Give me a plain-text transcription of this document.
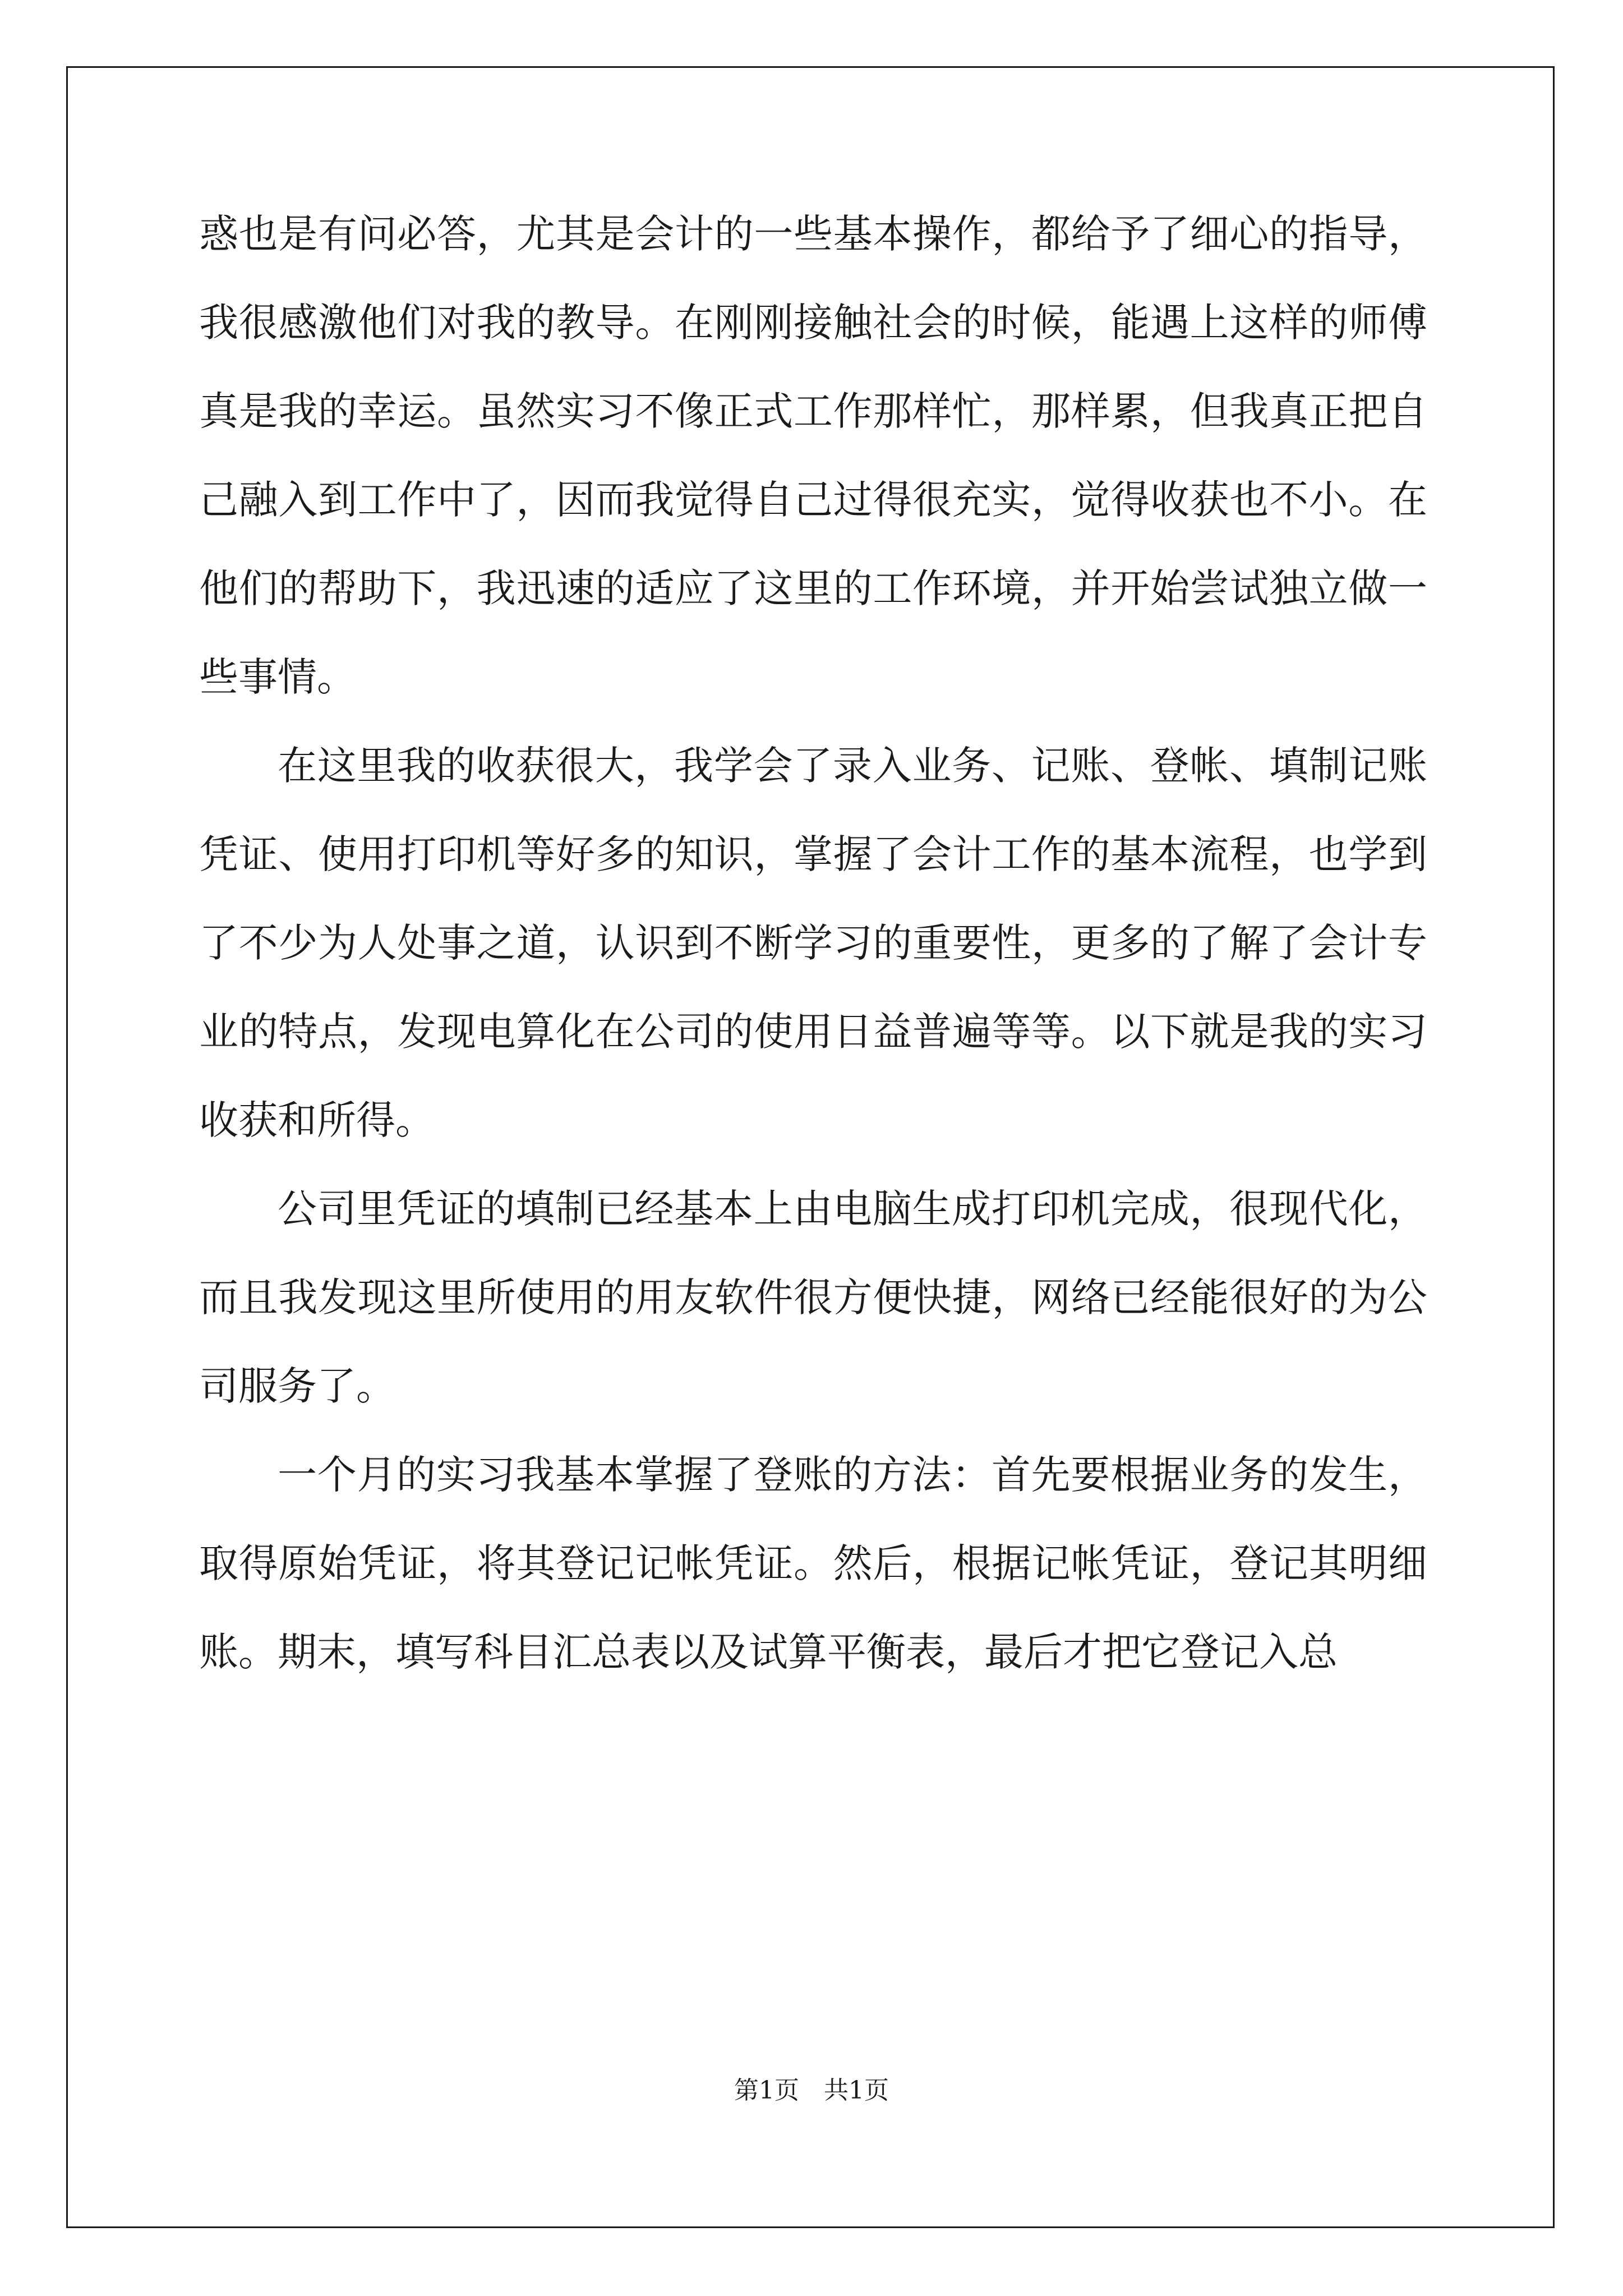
惑也是有问必答，尤其是会计的一些基本操作，都给予了细心的指导，我很感激他们对我的教导。在刚刚接触社会的时候，能遇上这样的师傅真是我的幸运。虽然实习不像正式工作那样忙，那样累，但我真正把自己融入到工作中了，因而我觉得自己过得很充实，觉得收获也不小。在他们的帮助下，我迅速的适应了这里的工作环境，并开始尝试独立做一些事情。

在这里我的收获很大，我学会了录入业务、记账、登帐、填制记账凭证、使用打印机等好多的知识，掌握了会计工作的基本流程，也学到了不少为人处事之道，认识到不断学习的重要性，更多的了解了会计专业的特点，发现电算化在公司的使用日益普遍等等。以下就是我的实习收获和所得。

公司里凭证的填制已经基本上由电脑生成打印机完成，很现代化，而且我发现这里所使用的用友软件很方便快捷，网络已经能很好的为公司服务了。

一个月的实习我基本掌握了登账的方法：首先要根据业务的发生，取得原始凭证，将其登记记帐凭证。然后，根据记帐凭证，登记其明细账。期末，填写科目汇总表以及试算平衡表，最后才把它登记入总

第1页　共1页
